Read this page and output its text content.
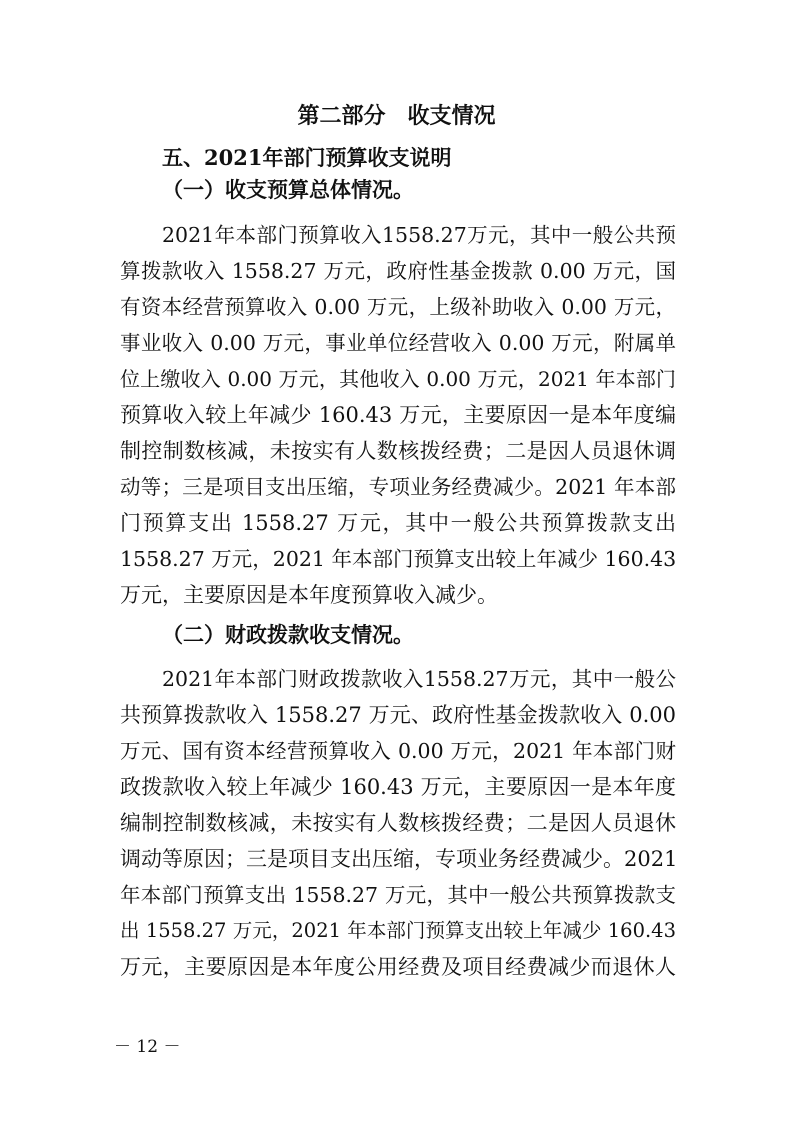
第二部分　收支情况
五、2021年部门预算收支说明
（一）收支预算总体情况。
2021年本部门预算收入1558.27万元，其中一般公共预
算拨款收入 1558.27 万元，政府性基金拨款 0.00 万元，国
有资本经营预算收入 0.00 万元，上级补助收入 0.00 万元，
事业收入 0.00 万元，事业单位经营收入 0.00 万元，附属单
位上缴收入 0.00 万元，其他收入 0.00 万元，2021 年本部门
预算收入较上年减少 160.43 万元，主要原因一是本年度编
制控制数核减，未按实有人数核拨经费；二是因人员退休调
动等；三是项目支出压缩，专项业务经费减少。2021 年本部
门预算支出 1558.27 万元，其中一般公共预算拨款支出
1558.27 万元，2021 年本部门预算支出较上年减少 160.43
万元，主要原因是本年度预算收入减少。
（二）财政拨款收支情况。
2021年本部门财政拨款收入1558.27万元，其中一般公
共预算拨款收入 1558.27 万元、政府性基金拨款收入 0.00
万元、国有资本经营预算收入 0.00 万元，2021 年本部门财
政拨款收入较上年减少 160.43 万元，主要原因一是本年度
编制控制数核减，未按实有人数核拨经费；二是因人员退休
调动等原因；三是项目支出压缩，专项业务经费减少。2021
年本部门预算支出 1558.27 万元，其中一般公共预算拨款支
出 1558.27 万元，2021 年本部门预算支出较上年减少 160.43
万元，主要原因是本年度公用经费及项目经费减少而退休人
－ 12 －
